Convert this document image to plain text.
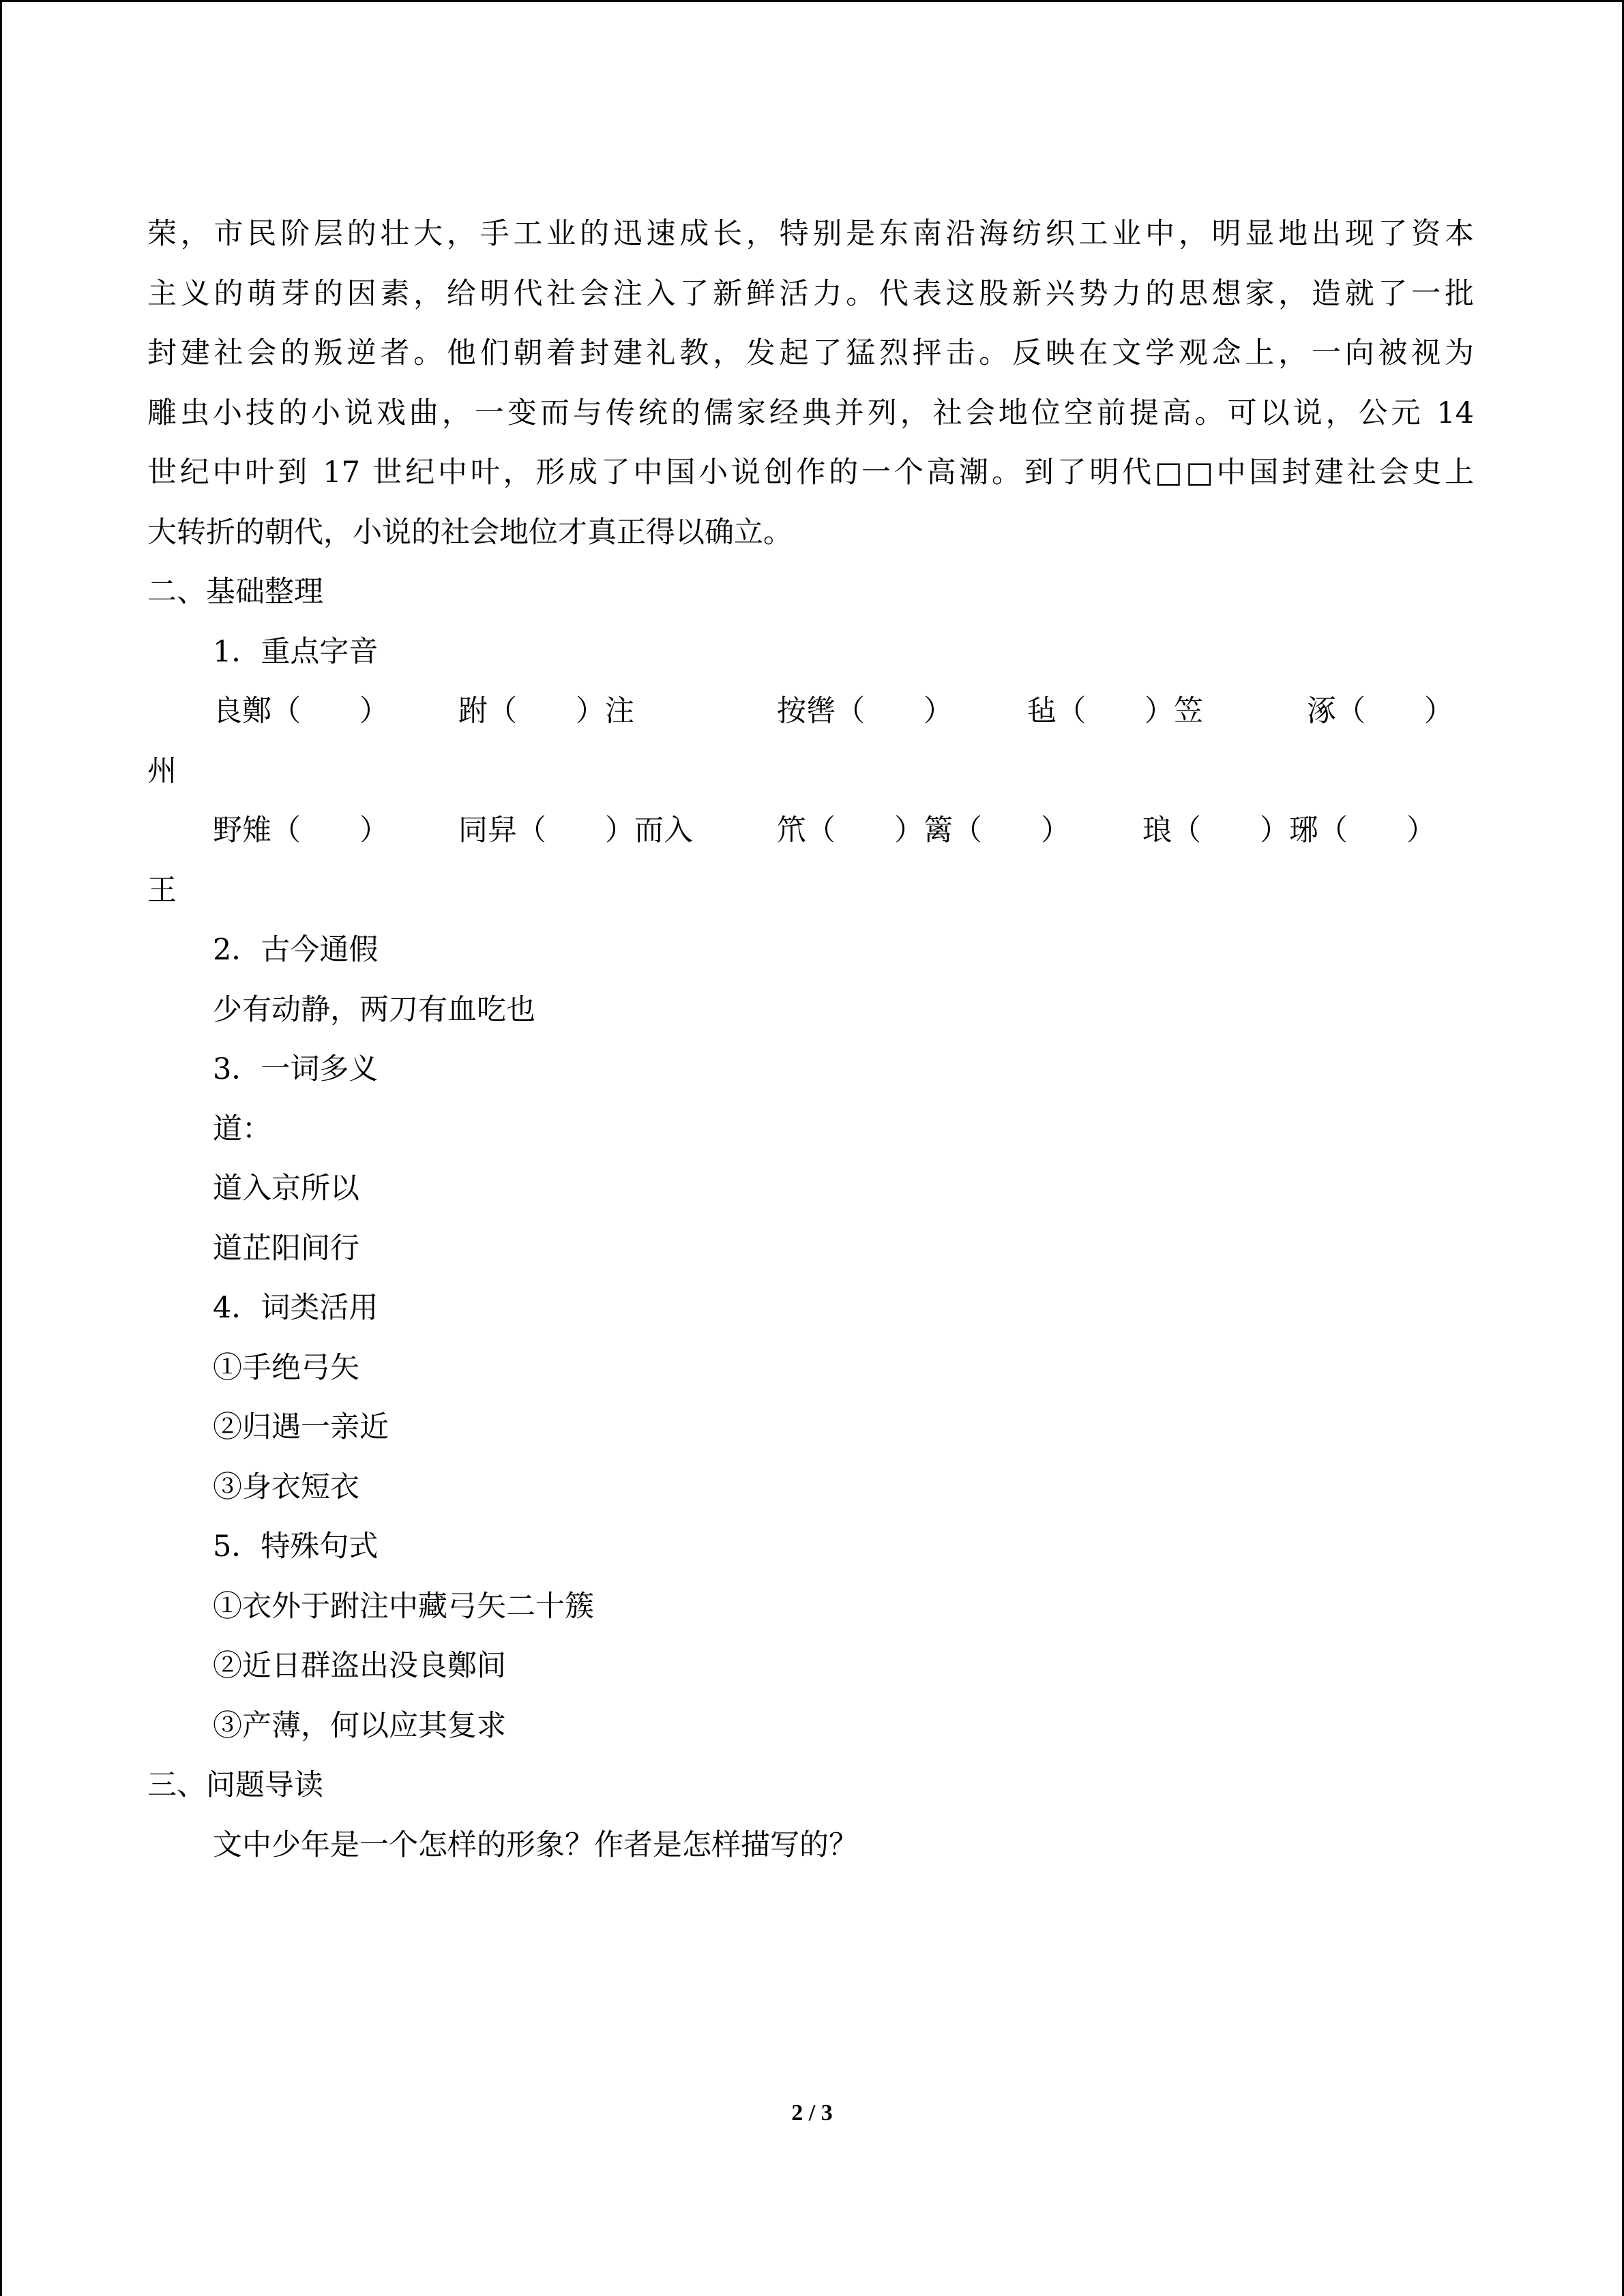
荣，市民阶层的壮大，手工业的迅速成长，特别是东南沿海纺织工业中，明显地出现了资本
主义的萌芽的因素，给明代社会注入了新鲜活力。代表这股新兴势力的思想家，造就了一批
封建社会的叛逆者。他们朝着封建礼教，发起了猛烈抨击。反映在文学观念上，一向被视为
雕虫小技的小说戏曲，一变而与传统的儒家经典并列，社会地位空前提高。可以说，公元 14
世纪中叶到 17 世纪中叶，形成了中国小说创作的一个高潮。到了明代□□中国封建社会史上
大转折的朝代，小说的社会地位才真正得以确立。
二、基础整理
1．重点字音
良鄭（　　）	跗（　　）注	按辔（　　）	毡（　　）笠	涿（　　）
州
野雉（　　）	同舁（　　）而入	笊（　　）篱（　　）	琅（　　）琊（　　）
王
2．古今通假
少有动静，两刀有血吃也
3．一词多义
道：
道入京所以
道芷阳间行
4．词类活用
①手绝弓矢
②归遇一亲近
③身衣短衣
5．特殊句式
①衣外于跗注中藏弓矢二十簇
②近日群盗出没良鄭间
③产薄，何以应其复求
三、问题导读
文中少年是一个怎样的形象？作者是怎样描写的？
2 / 3
